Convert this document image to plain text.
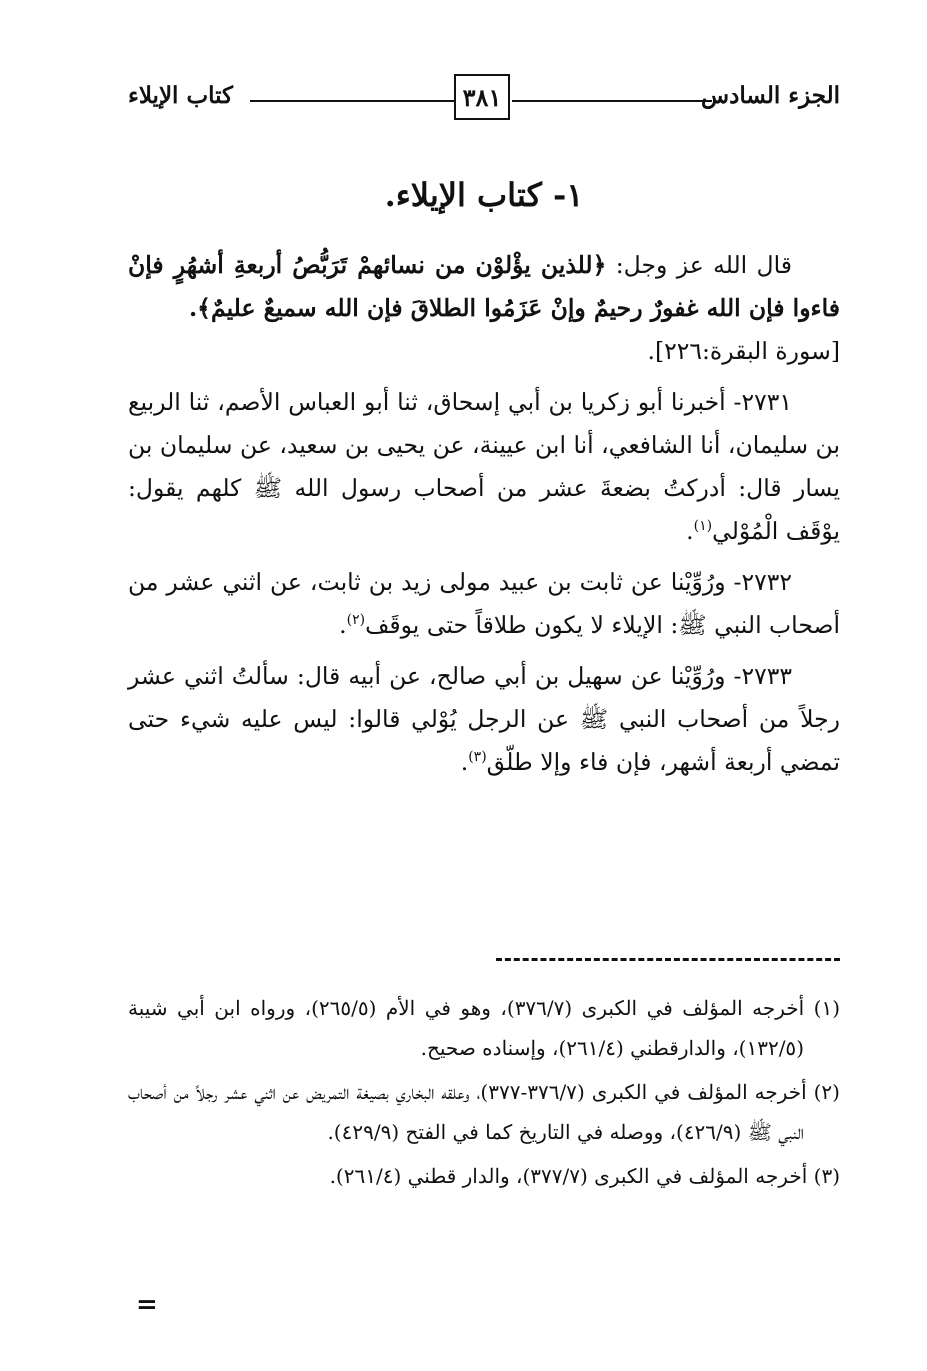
الجزء السادس
٣٨١
كتاب الإيلاء
١- كتاب الإيلاء.

قال الله عز وجل: ﴿للذين يؤْلوْن من نسائهمْ تَرَبُّصُ أربعةِ أشهُرٍ فإنْ فاءوا فإن الله غفورٌ رحيمٌ وإنْ عَزَمُوا الطلاقَ فإن الله سميعٌ عليمٌ﴾.
[سورة البقرة:٢٢٦].

٢٧٣١- أخبرنا أبو زكريا بن أبي إسحاق، ثنا أبو العباس الأصم، ثنا الربيع بن سليمان، أنا الشافعي، أنا ابن عيينة، عن يحيى بن سعيد، عن سليمان بن يسار قال: أدركتُ بضعةَ عشر من أصحاب رسول الله ﷺ كلهم يقول: يوْقَف الْمُوْلي$^{(١)}$.

٢٧٣٢- ورُوِّيْنا عن ثابت بن عبيد مولى زيد بن ثابت، عن اثني عشر من أصحاب النبي ﷺ: الإيلاء لا يكون طلاقاً حتى يوقَف$^{(٢)}$.

٢٧٣٣- ورُوِّيْنا عن سهيل بن أبي صالح، عن أبيه قال: سألتُ اثني عشر رجلاً من أصحاب النبي ﷺ عن الرجل يُوْلي قالوا: ليس عليه شيء حتى تمضي أربعة أشهر، فإن فاء وإلا طلّق$^{(٣)}$.

(١) أخرجه المؤلف في الكبرى (٣٧٦/٧)، وهو في الأم (٢٦٥/٥)، ورواه ابن أبي شيبة (١٣٢/٥)، والدارقطني (٢٦١/٤)، وإسناده صحيح.

(٢) أخرجه المؤلف في الكبرى (٣٧٦/٧-٣٧٧)، وعلقه البخاري بصيغة التمريض عن اثني عشر رجلاً من أصحاب النبي ﷺ (٤٢٦/٩)، ووصله في التاريخ كما في الفتح (٤٢٩/٩).

(٣) أخرجه المؤلف في الكبرى (٣٧٧/٧)، والدار قطني (٢٦١/٤).

=
